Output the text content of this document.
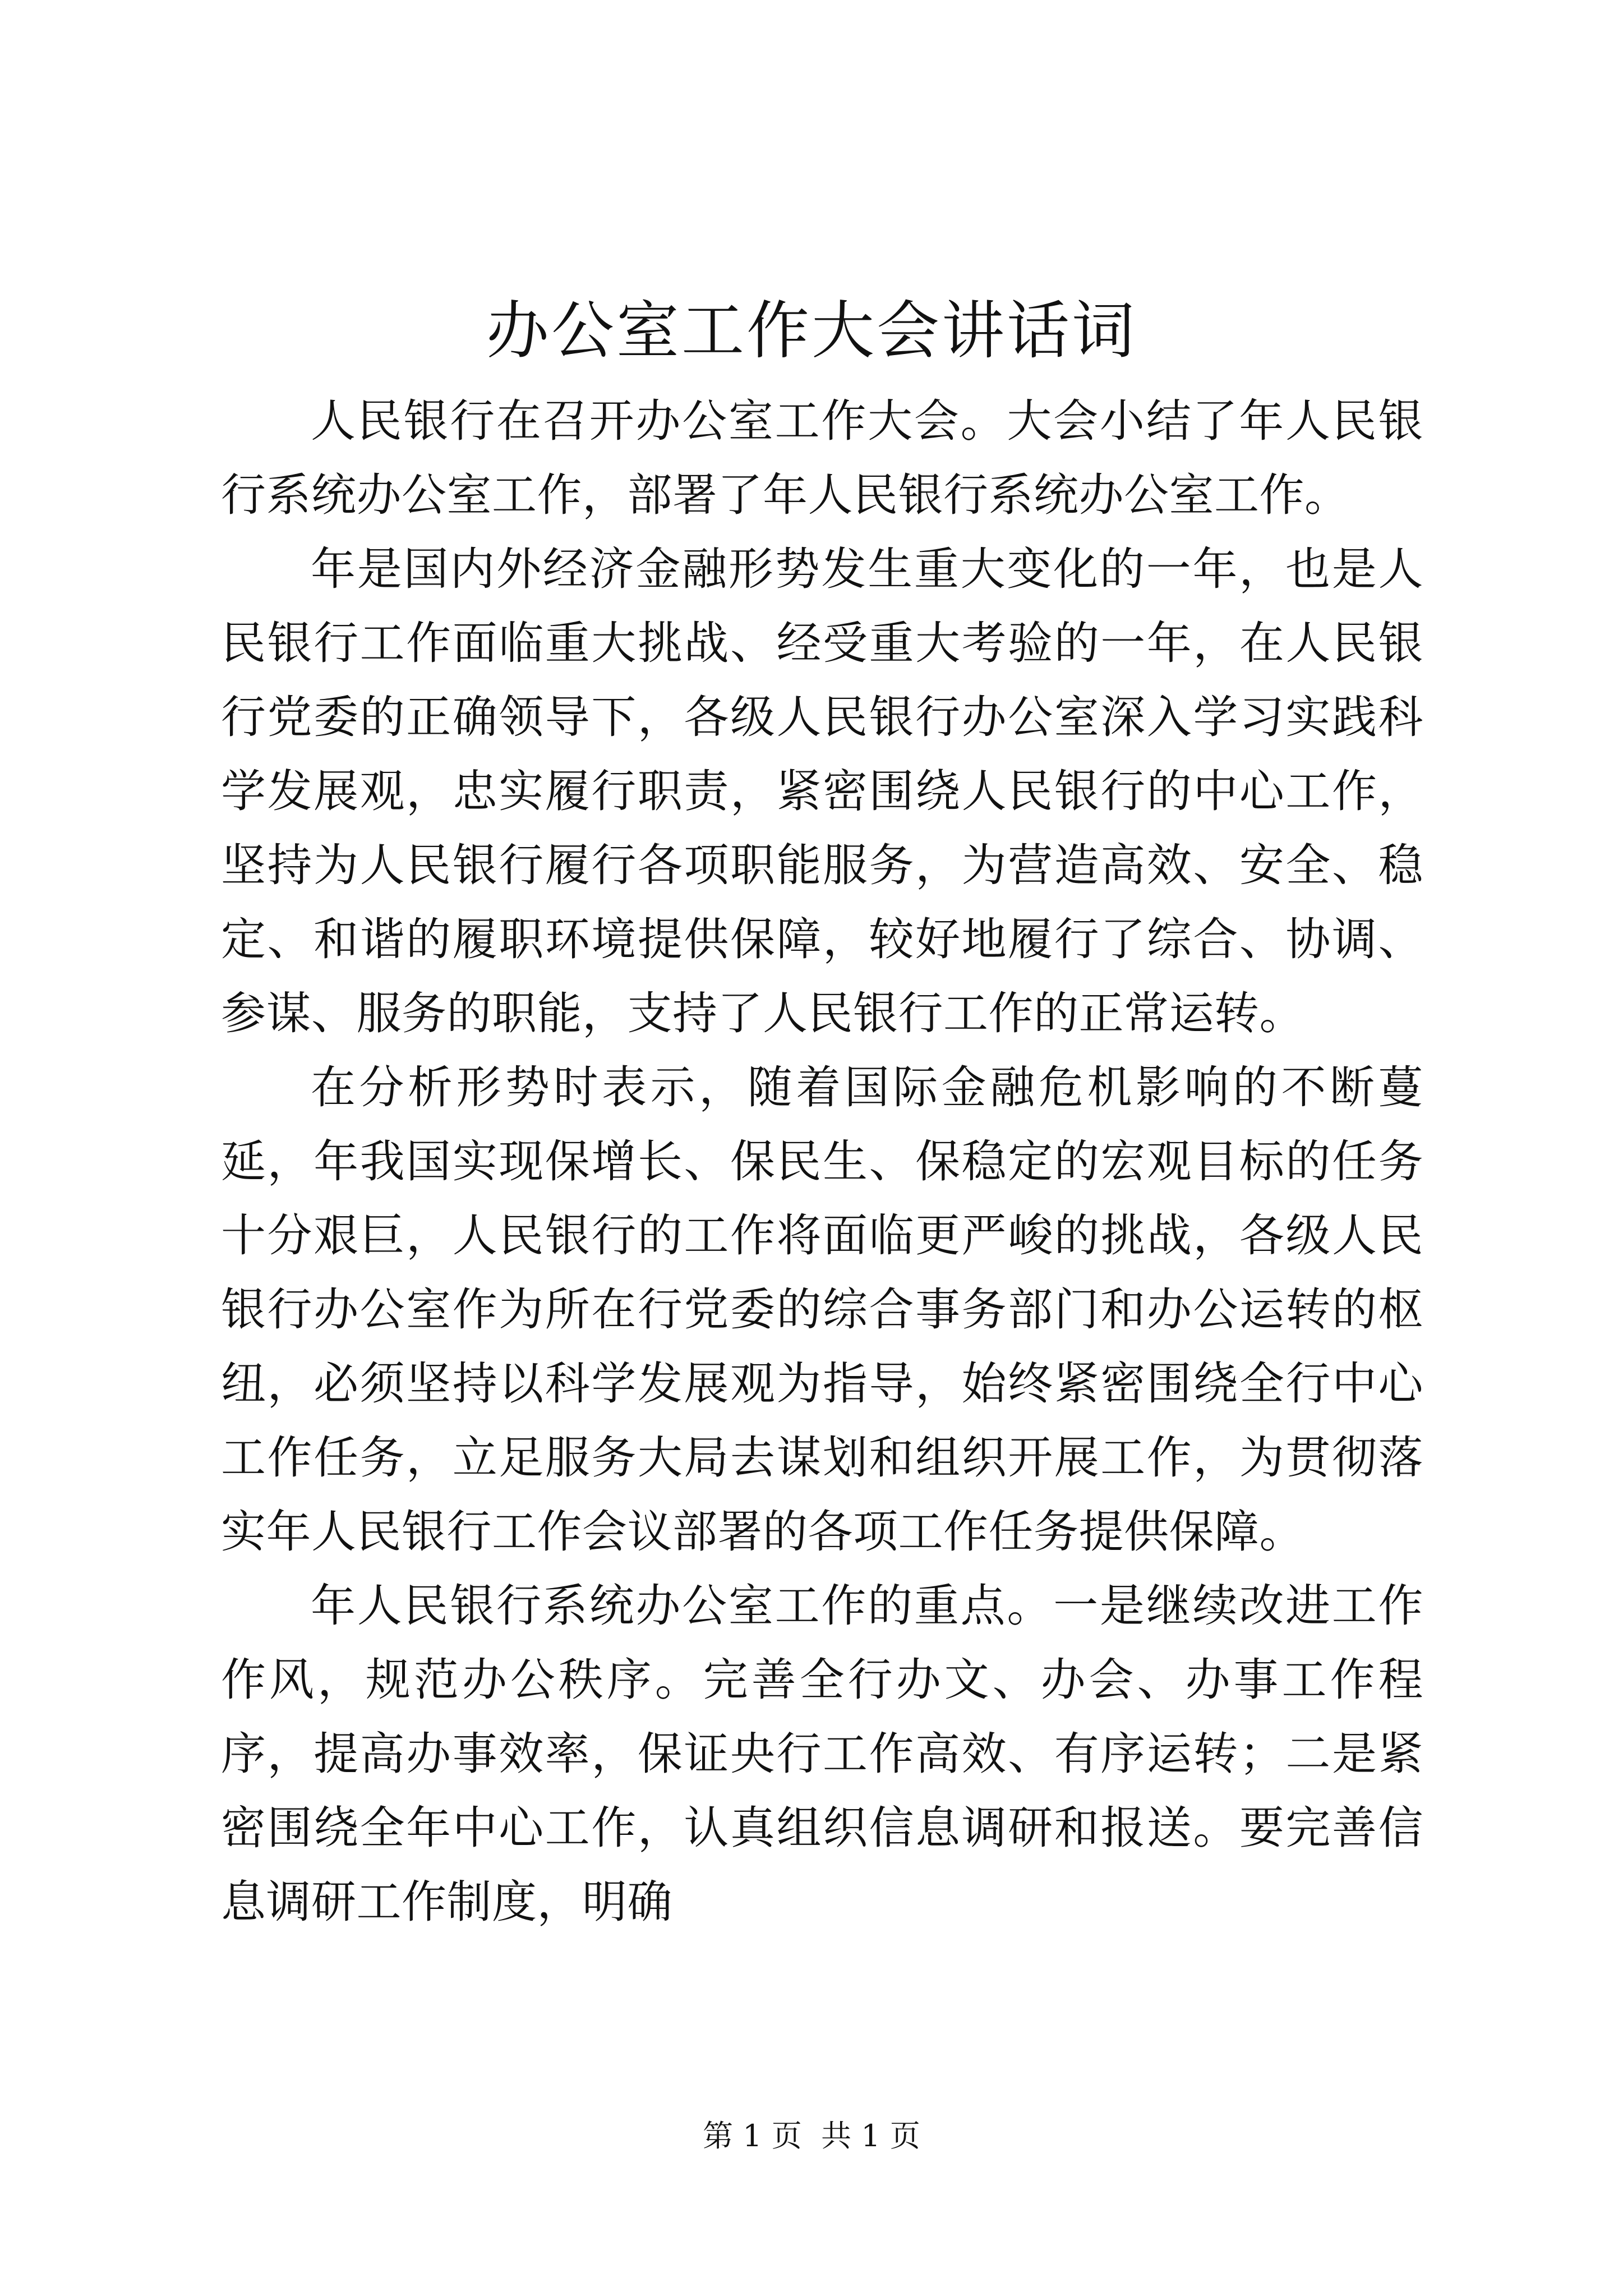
办公室工作大会讲话词

人民银行在召开办公室工作大会。大会小结了年人民银行系统办公室工作，部署了年人民银行系统办公室工作。

年是国内外经济金融形势发生重大变化的一年，也是人民银行工作面临重大挑战、经受重大考验的一年，在人民银行党委的正确领导下，各级人民银行办公室深入学习实践科学发展观，忠实履行职责，紧密围绕人民银行的中心工作，坚持为人民银行履行各项职能服务，为营造高效、安全、稳定、和谐的履职环境提供保障，较好地履行了综合、协调、参谋、服务的职能，支持了人民银行工作的正常运转。

在分析形势时表示，随着国际金融危机影响的不断蔓延，年我国实现保增长、保民生、保稳定的宏观目标的任务十分艰巨，人民银行的工作将面临更严峻的挑战，各级人民银行办公室作为所在行党委的综合事务部门和办公运转的枢纽，必须坚持以科学发展观为指导，始终紧密围绕全行中心工作任务，立足服务大局去谋划和组织开展工作，为贯彻落实年人民银行工作会议部署的各项工作任务提供保障。

年人民银行系统办公室工作的重点。一是继续改进工作作风，规范办公秩序。完善全行办文、办会、办事工作程序，提高办事效率，保证央行工作高效、有序运转；二是紧密围绕全年中心工作，认真组织信息调研和报送。要完善信息调研工作制度，明确

第 1 页  共 1 页
